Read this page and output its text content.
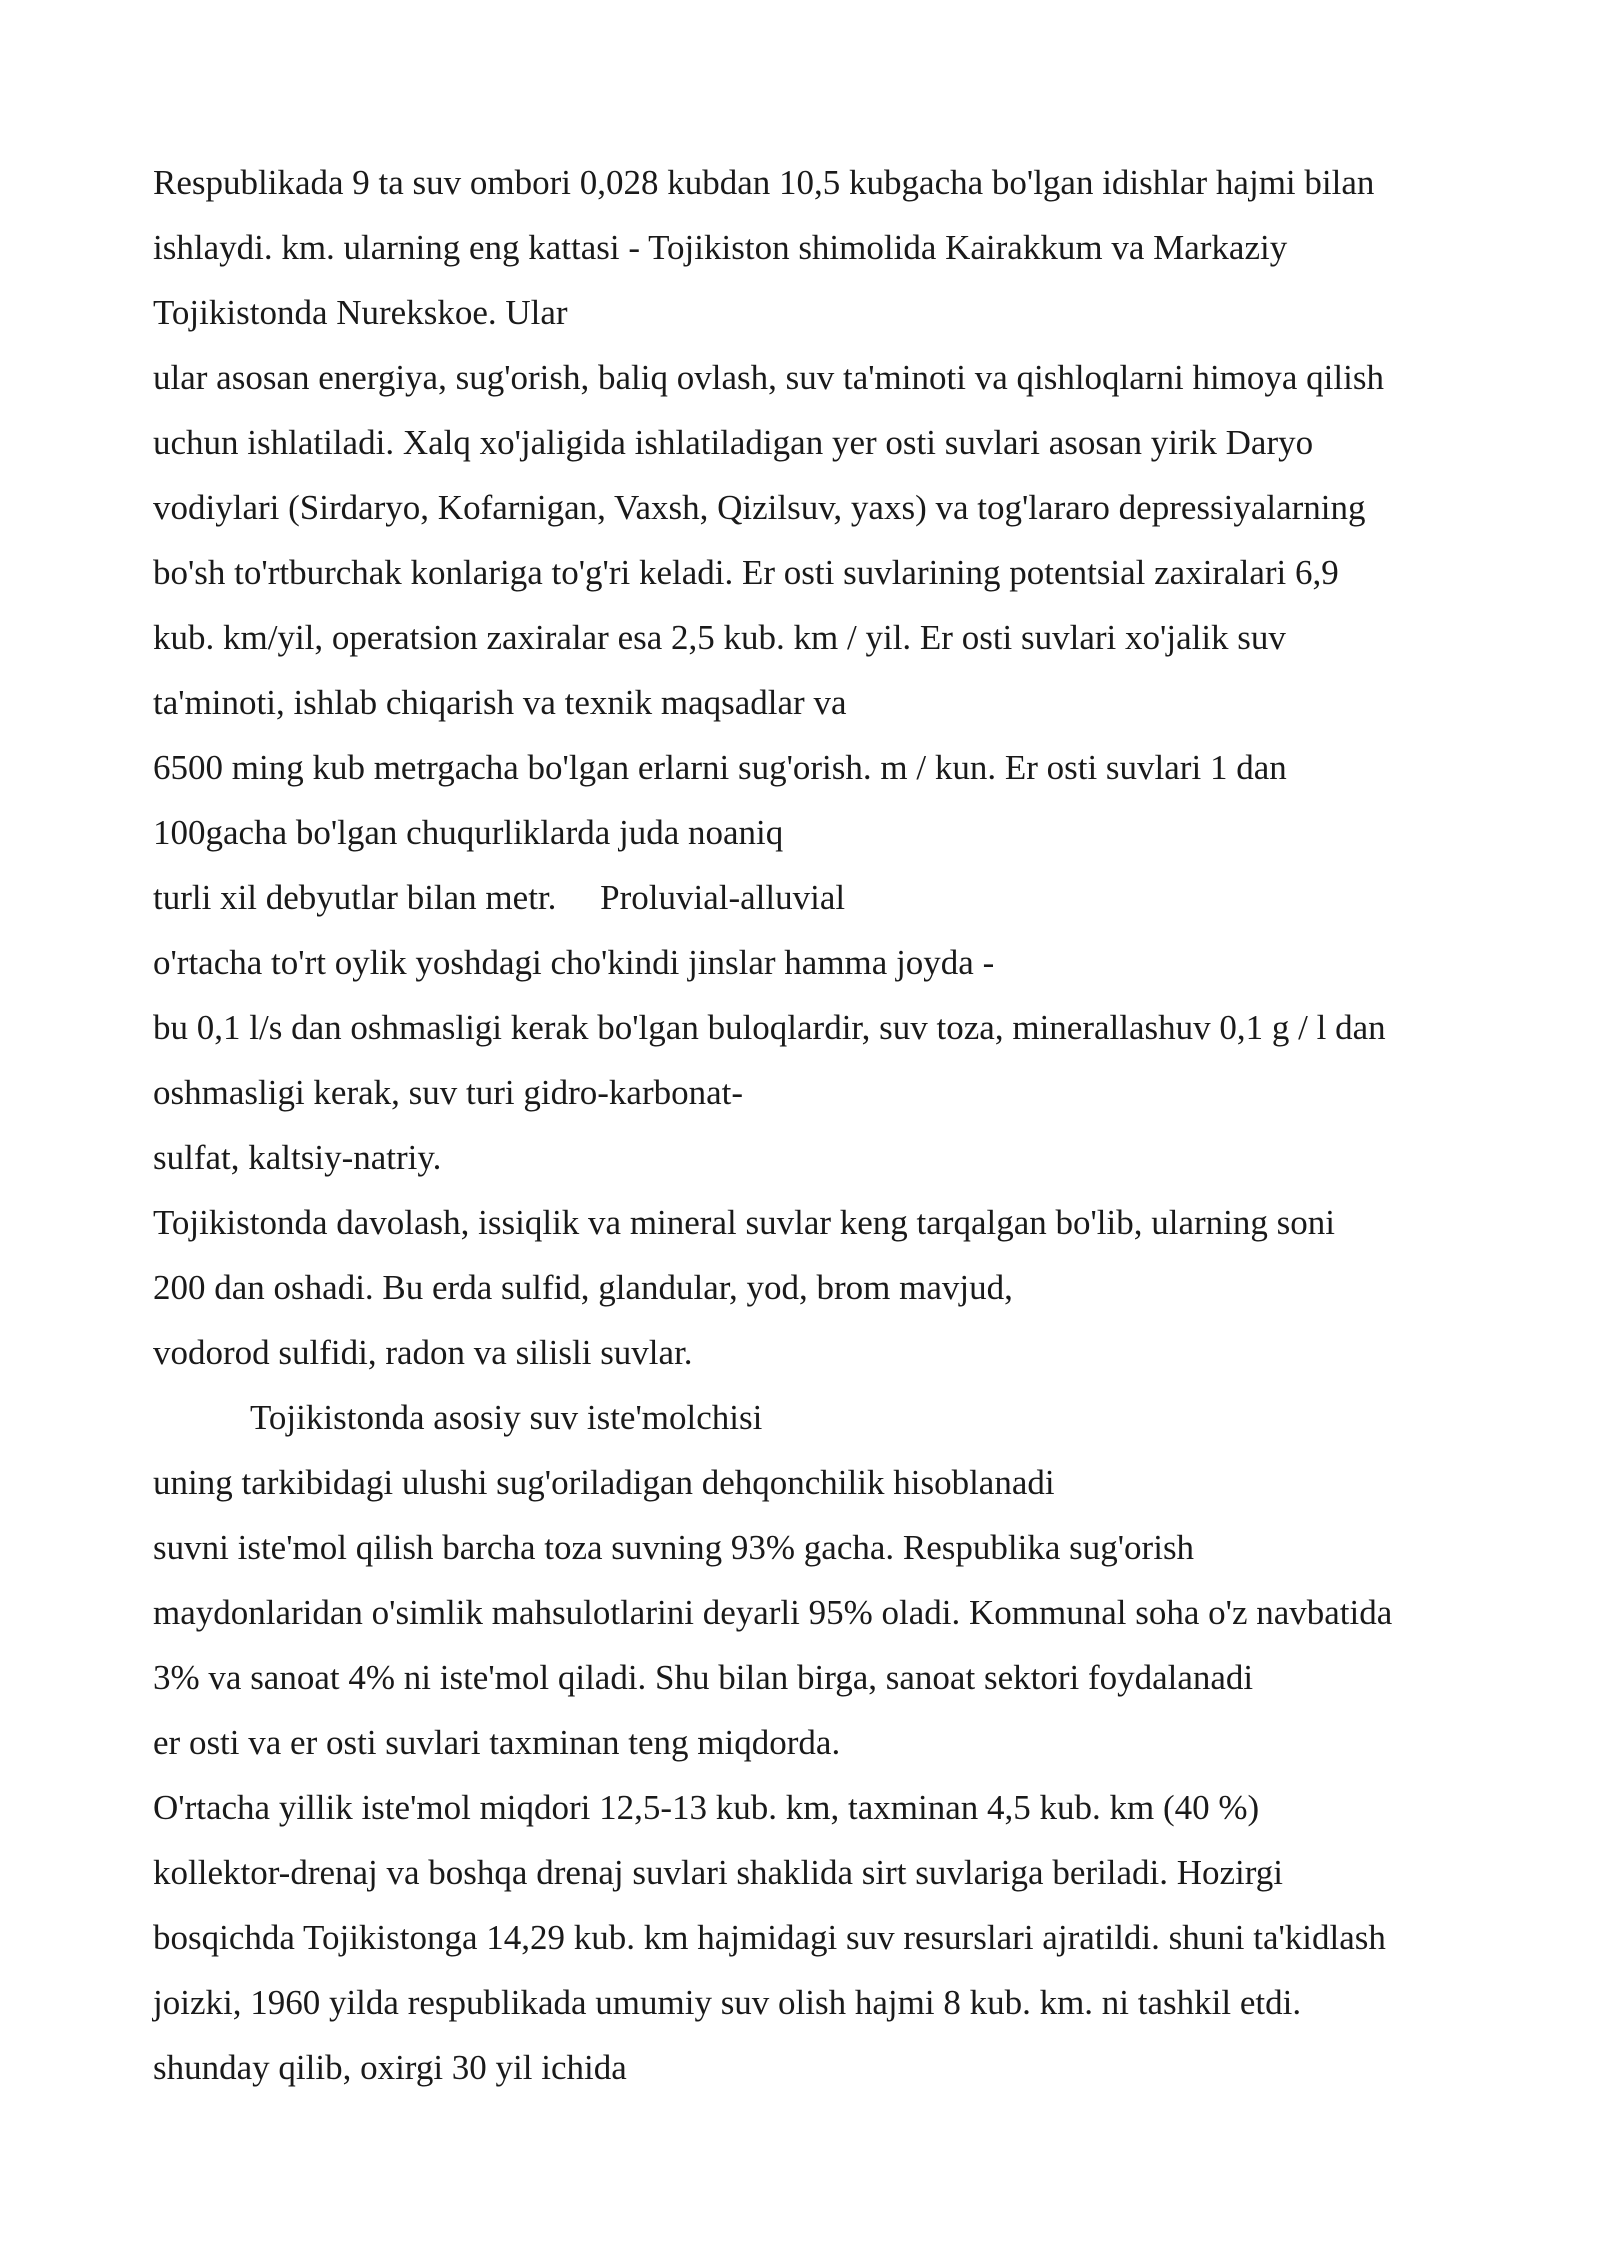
Respublikada 9 ta suv ombori 0,028 kubdan 10,5 kubgacha bo'lgan idishlar hajmi bilan
ishlaydi. km. ularning eng kattasi - Tojikiston shimolida Kairakkum va Markaziy
Tojikistonda Nurekskoe. Ular
ular asosan energiya, sug'orish, baliq ovlash, suv ta'minoti va qishloqlarni himoya qilish
uchun ishlatiladi. Xalq xo'jaligida ishlatiladigan yer osti suvlari asosan yirik Daryo
vodiylari (Sirdaryo, Kofarnigan, Vaxsh, Qizilsuv, yaxs) va tog'lararo depressiyalarning
bo'sh to'rtburchak konlariga to'g'ri keladi. Er osti suvlarining potentsial zaxiralari 6,9
kub. km/yil, operatsion zaxiralar esa 2,5 kub. km / yil. Er osti suvlari xo'jalik suv
ta'minoti, ishlab chiqarish va texnik maqsadlar va
6500 ming kub metrgacha bo'lgan erlarni sug'orish. m / kun. Er osti suvlari 1 dan
100gacha bo'lgan chuqurliklarda juda noaniq
turli xil debyutlar bilan metr.     Proluvial-alluvial
o'rtacha to'rt oylik yoshdagi cho'kindi jinslar hamma joyda -
bu 0,1 l/s dan oshmasligi kerak bo'lgan buloqlardir, suv toza, minerallashuv 0,1 g / l dan
oshmasligi kerak, suv turi gidro-karbonat-
sulfat, kaltsiy-natriy.
Tojikistonda davolash, issiqlik va mineral suvlar keng tarqalgan bo'lib, ularning soni
200 dan oshadi. Bu erda sulfid, glandular, yod, brom mavjud,
vodorod sulfidi, radon va silisli suvlar.
Tojikistonda asosiy suv iste'molchisi
uning tarkibidagi ulushi sug'oriladigan dehqonchilik hisoblanadi
suvni iste'mol qilish barcha toza suvning 93% gacha. Respublika sug'orish
maydonlaridan o'simlik mahsulotlarini deyarli 95% oladi. Kommunal soha o'z navbatida
3% va sanoat 4% ni iste'mol qiladi. Shu bilan birga, sanoat sektori foydalanadi
er osti va er osti suvlari taxminan teng miqdorda.
O'rtacha yillik iste'mol miqdori 12,5-13 kub. km, taxminan 4,5 kub. km (40 %)
kollektor-drenaj va boshqa drenaj suvlari shaklida sirt suvlariga beriladi. Hozirgi
bosqichda Tojikistonga 14,29 kub. km hajmidagi suv resurslari ajratildi. shuni ta'kidlash
joizki, 1960 yilda respublikada umumiy suv olish hajmi 8 kub. km. ni tashkil etdi.
shunday qilib, oxirgi 30 yil ichida
